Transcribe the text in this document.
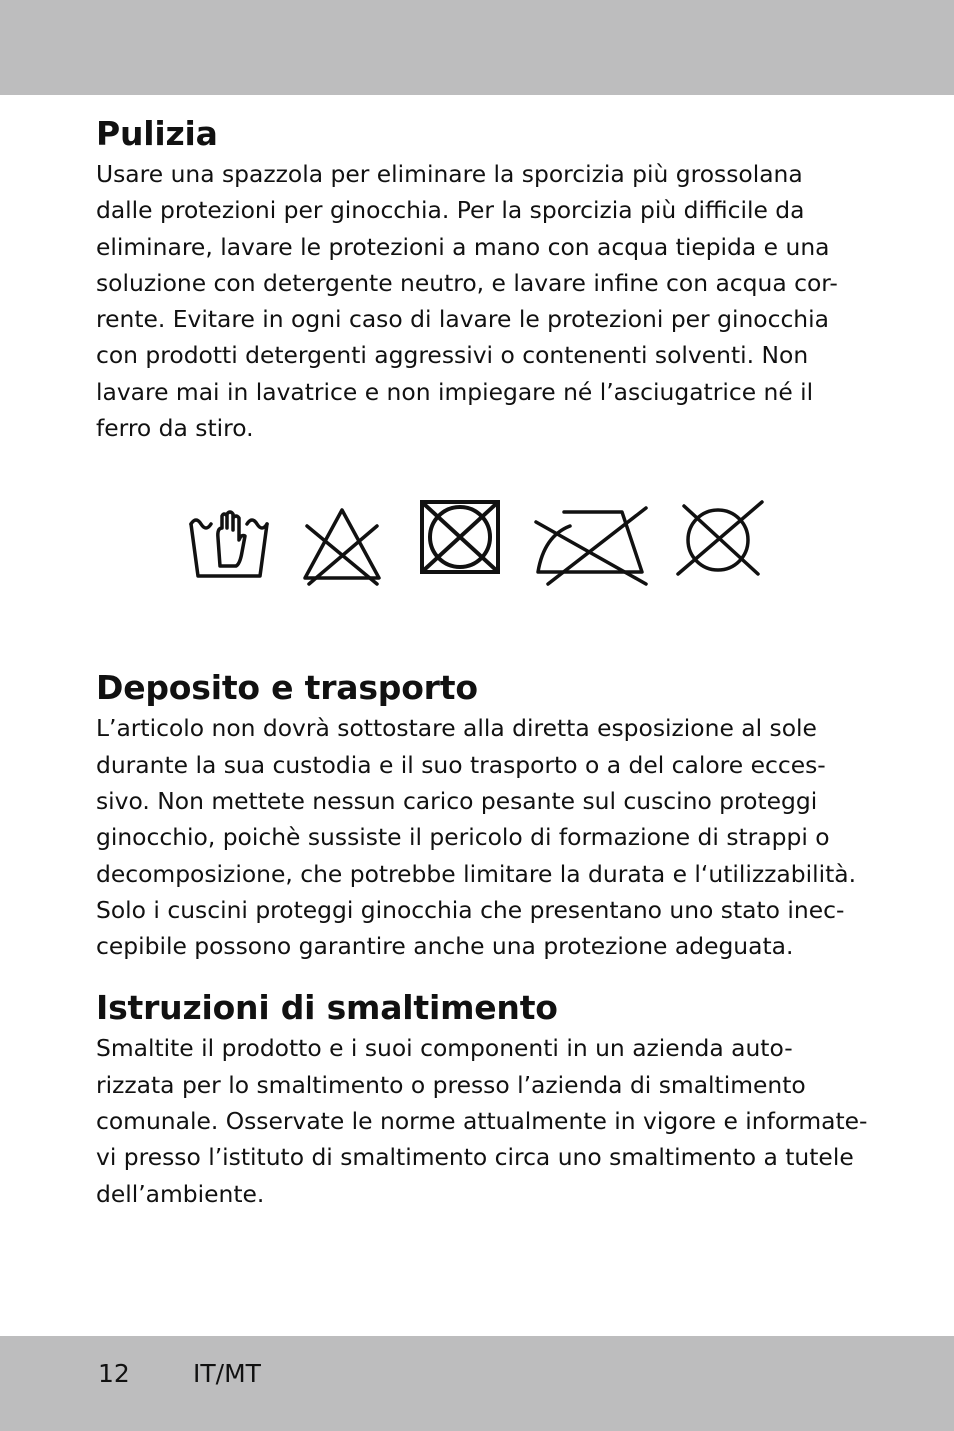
Pulizia

Usare una spazzola per eliminare la sporcizia più grossolana
dalle protezioni per ginocchia. Per la sporcizia più difficile da
eliminare, lavare le protezioni a mano con acqua tiepida e una
soluzione con detergente neutro, e lavare infine con acqua cor-
rente. Evitare in ogni caso di lavare le protezioni per ginocchia
con prodotti detergenti aggressivi o contenenti solventi. Non
lavare mai in lavatrice e non impiegare né l’asciugatrice né il
ferro da stiro.

Deposito e trasporto

L’articolo non dovrà sottostare alla diretta esposizione al sole
durante la sua custodia e il suo trasporto o a del calore ecces-
sivo. Non mettete nessun carico pesante sul cuscino proteggi
ginocchio, poichè sussiste il pericolo di formazione di strappi o
decomposizione, che potrebbe limitare la durata e l‘utilizzabilità.
Solo i cuscini proteggi ginocchia che presentano uno stato inec-
cepibile possono garantire anche una protezione adeguata.

Istruzioni di smaltimento

Smaltite il prodotto e i suoi componenti in un azienda auto-
rizzata per lo smaltimento o presso l’azienda di smaltimento
comunale. Osservate le norme attualmente in vigore e informate-
vi presso l’istituto di smaltimento circa uno smaltimento a tutele
dell’ambiente.

12	IT/MT
